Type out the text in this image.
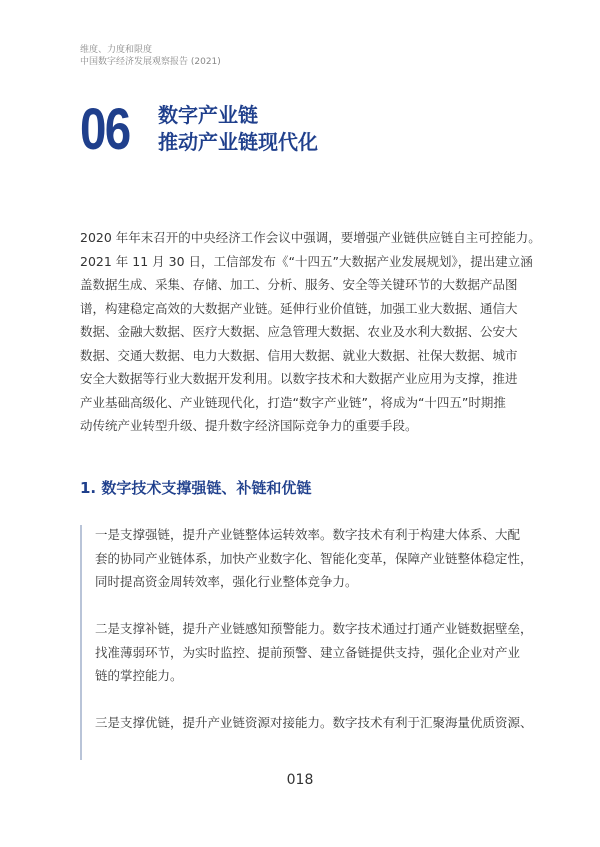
维度、力度和限度
中国数字经济发展观察报告 (2021)
06 数字产业链
推动产业链现代化

2020 年年末召开的中央经济工作会议中强调，要增强产业链供应链自主可控能力。

2021 年 11 月 30 日，工信部发布《“十四五”大数据产业发展规划》，提出建立涵

盖数据生成、采集、存储、加工、分析、服务、安全等关键环节的大数据产品图

谱，构建稳定高效的大数据产业链。延伸行业价值链，加强工业大数据、通信大

数据、金融大数据、医疗大数据、应急管理大数据、农业及水利大数据、公安大

数据、交通大数据、电力大数据、信用大数据、就业大数据、社保大数据、城市

安全大数据等行业大数据开发利用。以数字技术和大数据产业应用为支撑，推进

产业基础高级化、产业链现代化，打造“数字产业链”，将成为“十四五”时期推

动传统产业转型升级、提升数字经济国际竞争力的重要手段。

1. 数字技术支撑强链、补链和优链

一是支撑强链，提升产业链整体运转效率。数字技术有利于构建大体系、大配
套的协同产业链体系，加快产业数字化、智能化变革，保障产业链整体稳定性，
同时提高资金周转效率，强化行业整体竞争力。

二是支撑补链，提升产业链感知预警能力。数字技术通过打通产业链数据壁垒，
找准薄弱环节，为实时监控、提前预警、建立备链提供支持，强化企业对产业
链的掌控能力。

三是支撑优链，提升产业链资源对接能力。数字技术有利于汇聚海量优质资源、

018
